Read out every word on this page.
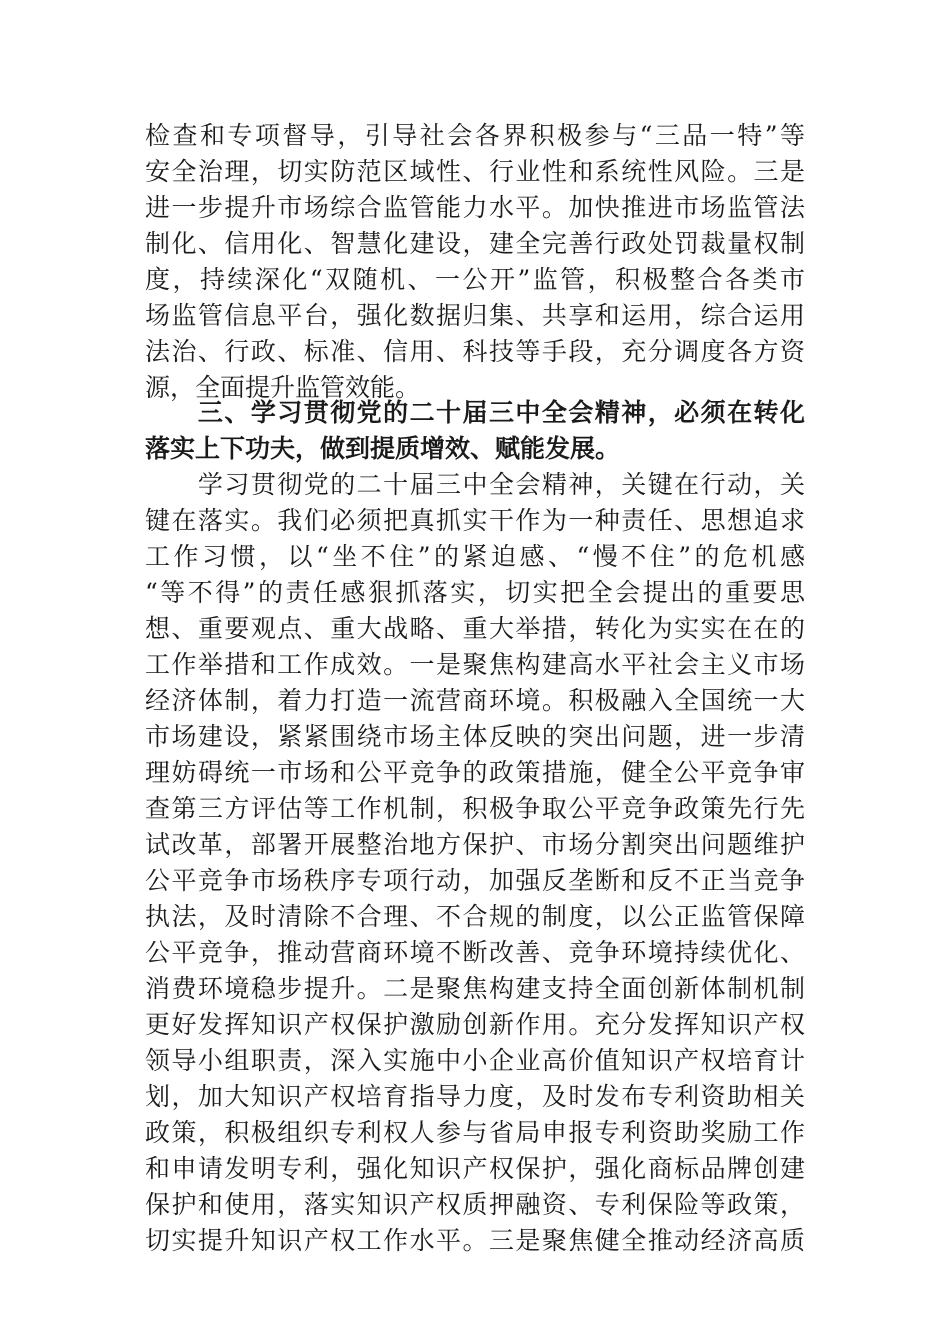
检查和专项督导，引导社会各界积极参与“三品一特”等
安全治理，切实防范区域性、行业性和系统性风险。三是
进一步提升市场综合监管能力水平。加快推进市场监管法
制化、信用化、智慧化建设，建全完善行政处罚裁量权制
度，持续深化“双随机、一公开”监管，积极整合各类市
场监管信息平台，强化数据归集、共享和运用，综合运用
法治、行政、标准、信用、科技等手段，充分调度各方资
源，全面提升监管效能。
　　三、学习贯彻党的二十届三中全会精神，必须在转化
落实上下功夫，做到提质增效、赋能发展。
　　学习贯彻党的二十届三中全会精神，关键在行动，关
键在落实。我们必须把真抓实干作为一种责任、思想追求
工作习惯，以“坐不住”的紧迫感、“慢不住”的危机感
“等不得”的责任感狠抓落实，切实把全会提出的重要思
想、重要观点、重大战略、重大举措，转化为实实在在的
工作举措和工作成效。一是聚焦构建高水平社会主义市场
经济体制，着力打造一流营商环境。积极融入全国统一大
市场建设，紧紧围绕市场主体反映的突出问题，进一步清
理妨碍统一市场和公平竞争的政策措施，健全公平竞争审
查第三方评估等工作机制，积极争取公平竞争政策先行先
试改革，部署开展整治地方保护、市场分割突出问题维护
公平竞争市场秩序专项行动，加强反垄断和反不正当竞争
执法，及时清除不合理、不合规的制度，以公正监管保障
公平竞争，推动营商环境不断改善、竞争环境持续优化、
消费环境稳步提升。二是聚焦构建支持全面创新体制机制
更好发挥知识产权保护激励创新作用。充分发挥知识产权
领导小组职责，深入实施中小企业高价值知识产权培育计
划，加大知识产权培育指导力度，及时发布专利资助相关
政策，积极组织专利权人参与省局申报专利资助奖励工作
和申请发明专利，强化知识产权保护，强化商标品牌创建
保护和使用，落实知识产权质押融资、专利保险等政策，
切实提升知识产权工作水平。三是聚焦健全推动经济高质
